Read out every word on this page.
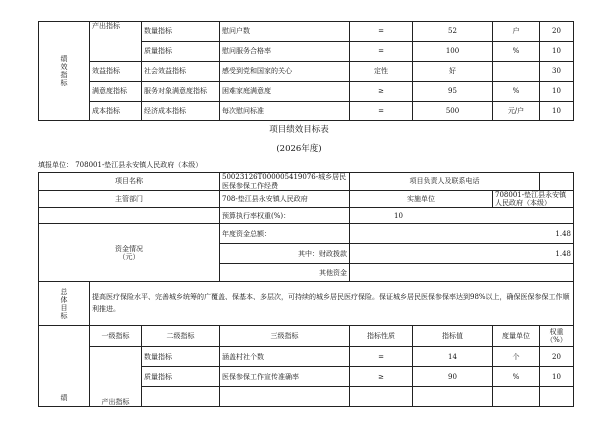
绩
效
指
标	产出指标	数量指标	慰问户数	=	52	户	20
		质量指标	慰问服务合格率	=	100	%	10
	效益指标	社会效益指标	感受到党和国家的关心	定性	好		30
	满意度指标	服务对象满意度指标	困难家庭满意度	≥	95	%	10
	成本指标	经济成本指标	每次慰问标准	=	500	元/户	10
项目绩效目标表
(2026年度)
填报单位： 708001-垫江县永安镇人民政府（本级）
项目名称			50023126T000005419076-城乡居民医保参保工作经费	项目负责人及联系电话			
主管部门			708-垫江县永安镇人民政府	实施单位		708001-垫江县永安镇人民政府（本级）	
			预算执行率权重(%)：	10			

资金情况
（元）			年度资金总额：	1.48			
			其中：财政拨款	1.48			
			其他资金				

总
体
目
标	提高医疗保险水平、完善城乡统筹的广覆盖、保基本、多层次，可持续的城乡居民医疗保险。保证城乡居民医保参保率达到98%以上，确保医保参保工作顺利推进。						

绩	一级指标	二级指标	三级指标	指标性质	指标值	度量单位	权重（%）
	产出指标	数量指标	涵盖村社个数	=	14	个	20
		质量指标	医保参保工作宣传准确率	≥	90	%	10
